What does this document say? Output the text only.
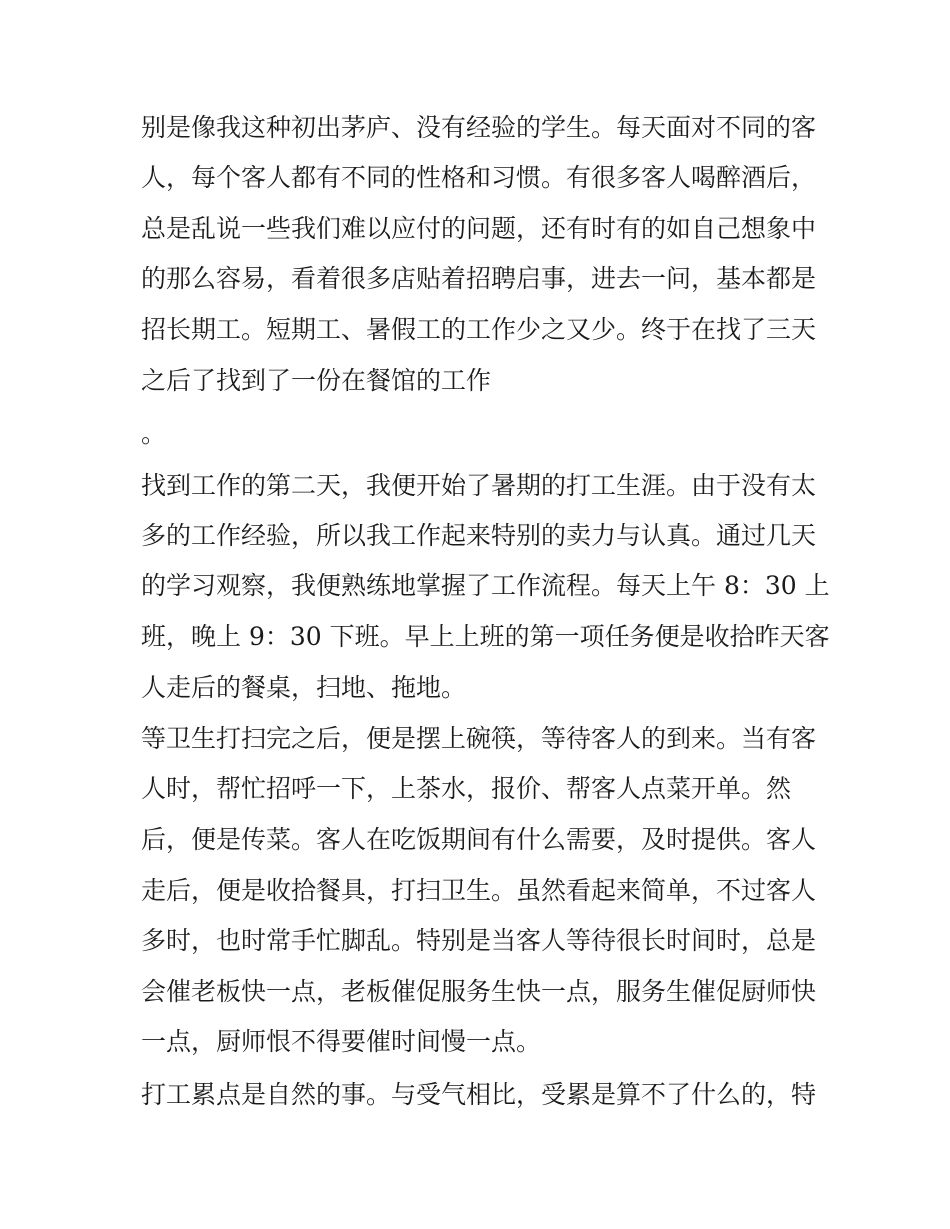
别是像我这种初出茅庐、没有经验的学生。每天面对不同的客
人，每个客人都有不同的性格和习惯。有很多客人喝醉酒后，
总是乱说一些我们难以应付的问题，还有时有的如自己想象中
的那么容易，看着很多店贴着招聘启事，进去一问，基本都是
招长期工。短期工、暑假工的工作少之又少。终于在找了三天
之后了找到了一份在餐馆的工作
。
找到工作的第二天，我便开始了暑期的打工生涯。由于没有太
多的工作经验，所以我工作起来特别的卖力与认真。通过几天
的学习观察，我便熟练地掌握了工作流程。每天上午 8：30 上
班，晚上 9：30 下班。早上上班的第一项任务便是收拾昨天客
人走后的餐桌，扫地、拖地。
等卫生打扫完之后，便是摆上碗筷，等待客人的到来。当有客
人时，帮忙招呼一下，上茶水，报价、帮客人点菜开单。然
后，便是传菜。客人在吃饭期间有什么需要，及时提供。客人
走后，便是收拾餐具，打扫卫生。虽然看起来简单，不过客人
多时，也时常手忙脚乱。特别是当客人等待很长时间时，总是
会催老板快一点，老板催促服务生快一点，服务生催促厨师快
一点，厨师恨不得要催时间慢一点。
打工累点是自然的事。与受气相比，受累是算不了什么的，特
